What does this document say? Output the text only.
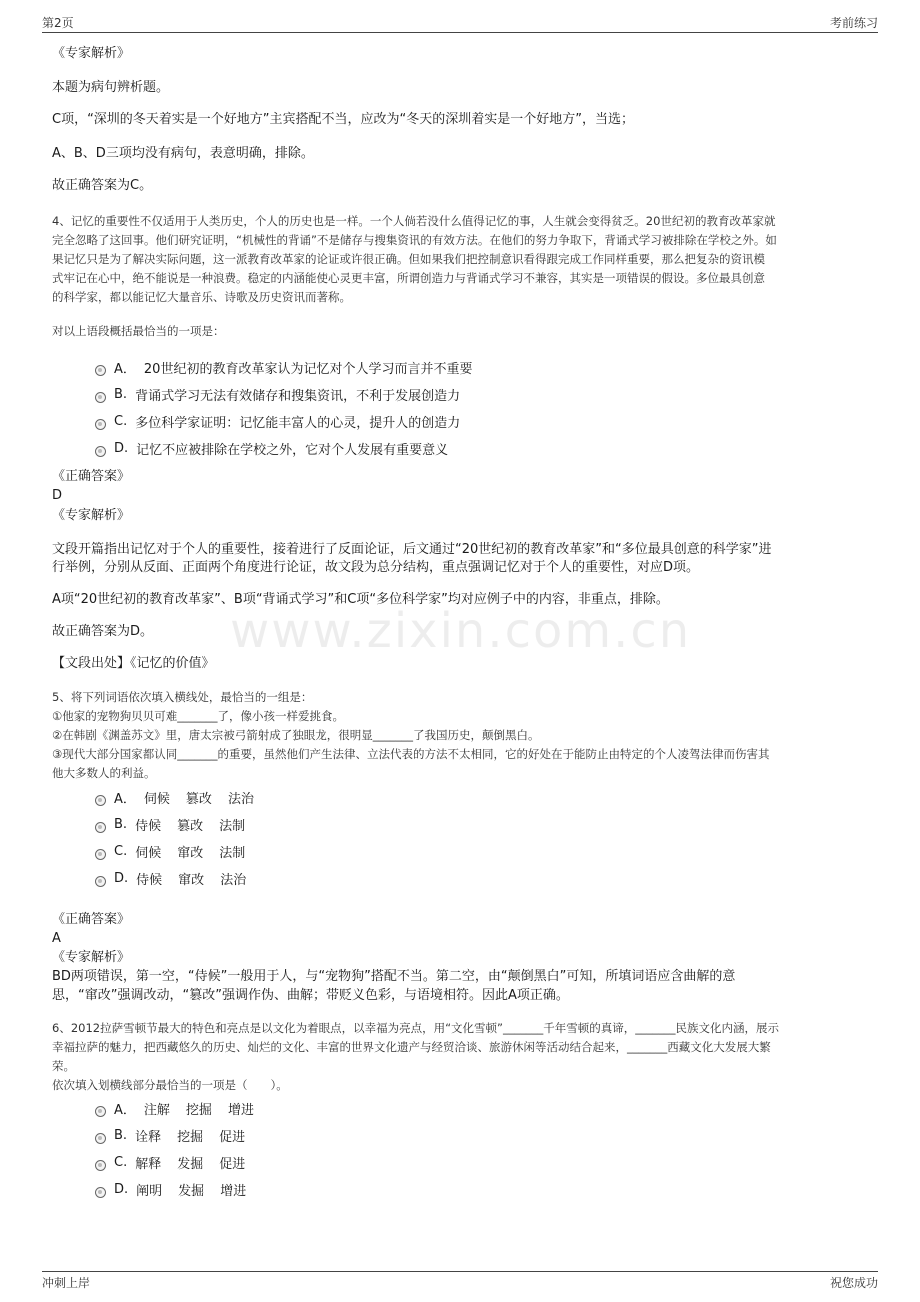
第2页	考前练习
www.zixin.com.cn
《专家解析》
本题为病句辨析题。
C项，“深圳的冬天着实是一个好地方”主宾搭配不当，应改为“冬天的深圳着实是一个好地方”，当选；
A、B、D三项均没有病句，表意明确，排除。
故正确答案为C。
4、记忆的重要性不仅适用于人类历史，个人的历史也是一样。一个人倘若没什么值得记忆的事，人生就会变得贫乏。20世纪初的教育改革家就
完全忽略了这回事。他们研究证明，“机械性的背诵”不是储存与搜集资讯的有效方法。在他们的努力争取下，背诵式学习被排除在学校之外。如
果记忆只是为了解决实际问题，这一派教育改革家的论证或许很正确。但如果我们把控制意识看得跟完成工作同样重要，那么把复杂的资讯模
式牢记在心中，绝不能说是一种浪费。稳定的内涵能使心灵更丰富，所谓创造力与背诵式学习不兼容，其实是一项错误的假设。多位最具创意
的科学家，都以能记忆大量音乐、诗歌及历史资讯而著称。
对以上语段概括最恰当的一项是：
A． 20世纪初的教育改革家认为记忆对个人学习而言并不重要
B. 背诵式学习无法有效储存和搜集资讯，不利于发展创造力
C. 多位科学家证明：记忆能丰富人的心灵，提升人的创造力
D. 记忆不应被排除在学校之外，它对个人发展有重要意义
《正确答案》
D
《专家解析》
文段开篇指出记忆对于个人的重要性，接着进行了反面论证，后文通过“20世纪初的教育改革家”和“多位最具创意的科学家”进
行举例，分别从反面、正面两个角度进行论证，故文段为总分结构，重点强调记忆对于个人的重要性，对应D项。
A项“20世纪初的教育改革家”、B项“背诵式学习”和C项“多位科学家”均对应例子中的内容，非重点，排除。
故正确答案为D。
【文段出处】《记忆的价值》
5、将下列词语依次填入横线处，最恰当的一组是：
①他家的宠物狗贝贝可难_______了，像小孩一样爱挑食。
②在韩剧《渊盖苏文》里，唐太宗被弓箭射成了独眼龙，很明显_______了我国历史，颠倒黑白。
③现代大部分国家都认同_______的重要，虽然他们产生法律、立法代表的方法不太相同，它的好处在于能防止由特定的个人凌驾法律而伤害其
他大多数人的利益。
A． 伺候 篡改 法治
B. 侍候 篡改 法制
C. 伺候 窜改 法制
D. 侍候 窜改 法治
《正确答案》
A
《专家解析》
BD两项错误，第一空，“侍候”一般用于人，与“宠物狗”搭配不当。第二空，由“颠倒黑白”可知，所填词语应含曲解的意
思，“窜改”强调改动，“篡改”强调作伪、曲解；带贬义色彩，与语境相符。因此A项正确。
6、2012拉萨雪顿节最大的特色和亮点是以文化为着眼点，以幸福为亮点，用“文化雪顿”_______千年雪顿的真谛，_______民族文化内涵，展示
幸福拉萨的魅力，把西藏悠久的历史、灿烂的文化、丰富的世界文化遗产与经贸洽谈、旅游休闲等活动结合起来，_______西藏文化大发展大繁
荣。
依次填入划横线部分最恰当的一项是（　　）。
A． 注解 挖掘 增进
B. 诠释 挖掘 促进
C. 解释 发掘 促进
D. 阐明 发掘 增进
冲刺上岸	祝您成功
